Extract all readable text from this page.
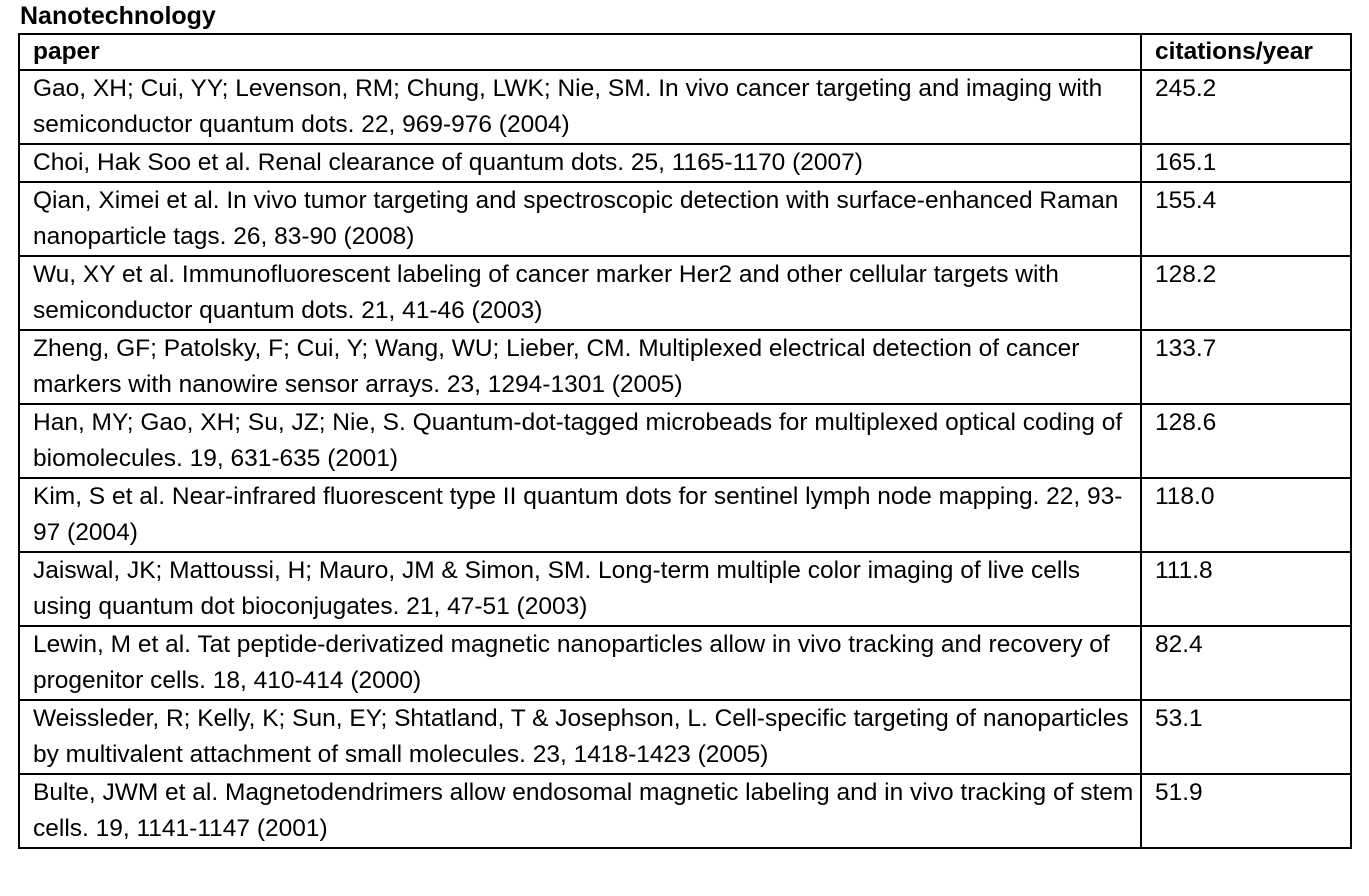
Nanotechnology
paper	citations/year
Gao, XH; Cui, YY; Levenson, RM; Chung, LWK; Nie, SM. In vivo cancer targeting and imaging with semiconductor quantum dots. 22, 969-976 (2004)	245.2
Choi, Hak Soo et al. Renal clearance of quantum dots. 25, 1165-1170 (2007)	165.1
Qian, Ximei et al. In vivo tumor targeting and spectroscopic detection with surface-enhanced Raman nanoparticle tags. 26, 83-90 (2008)	155.4
Wu, XY et al. Immunofluorescent labeling of cancer marker Her2 and other cellular targets with semiconductor quantum dots. 21, 41-46 (2003)	128.2
Zheng, GF; Patolsky, F; Cui, Y; Wang, WU; Lieber, CM. Multiplexed electrical detection of cancer markers with nanowire sensor arrays. 23, 1294-1301 (2005)	133.7
Han, MY; Gao, XH; Su, JZ; Nie, S. Quantum-dot-tagged microbeads for multiplexed optical coding of biomolecules. 19, 631-635 (2001)	128.6
Kim, S et al. Near-infrared fluorescent type II quantum dots for sentinel lymph node mapping. 22, 93-97 (2004)	118.0
Jaiswal, JK; Mattoussi, H; Mauro, JM & Simon, SM. Long-term multiple color imaging of live cells using quantum dot bioconjugates. 21, 47-51 (2003)	111.8
Lewin, M et al. Tat peptide-derivatized magnetic nanoparticles allow in vivo tracking and recovery of progenitor cells. 18, 410-414 (2000)	82.4
Weissleder, R; Kelly, K; Sun, EY; Shtatland, T & Josephson, L. Cell-specific targeting of nanoparticles by multivalent attachment of small molecules. 23, 1418-1423 (2005)	53.1
Bulte, JWM et al. Magnetodendrimers allow endosomal magnetic labeling and in vivo tracking of stem cells. 19, 1141-1147 (2001)	51.9
